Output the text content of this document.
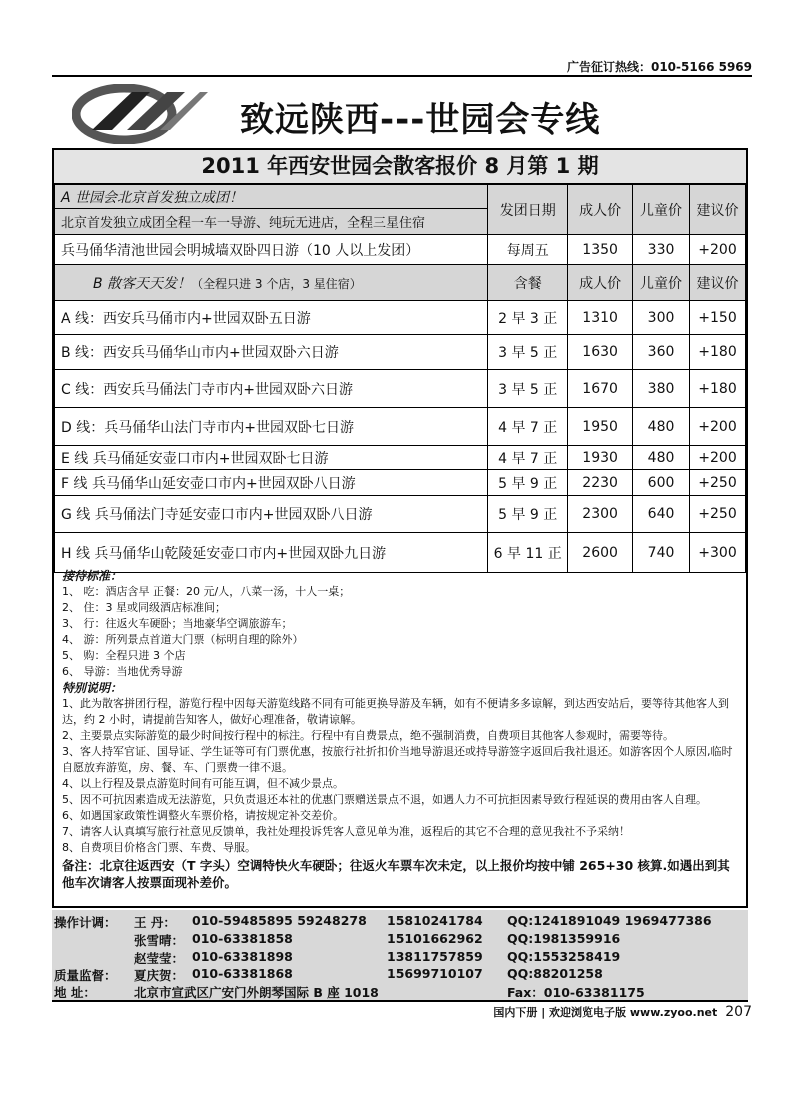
广告征订热线：010-5166 5969
致远陕西---世园会专线
2011 年西安世园会散客报价 8 月第 1 期
A 世园会北京首发独立成团！	发团日期	成人价	儿童价	建议价
北京首发独立成团全程一车一导游、纯玩无进店，全程三星住宿				
兵马俑华清池世园会明城墙双卧四日游（10 人以上发团）	每周五	1350	330	+200
B 散客天天发！（全程只进 3 个店，3 星住宿）	含餐	成人价	儿童价	建议价
A 线：西安兵马俑市内+世园双卧五日游	2 早 3 正	1310	300	+150
B 线：西安兵马俑华山市内+世园双卧六日游	3 早 5 正	1630	360	+180
C 线：西安兵马俑法门寺市内+世园双卧六日游	3 早 5 正	1670	380	+180
D 线：兵马俑华山法门寺市内+世园双卧七日游	4 早 7 正	1950	480	+200
E 线 兵马俑延安壶口市内+世园双卧七日游	4 早 7 正	1930	480	+200
F 线 兵马俑华山延安壶口市内+世园双卧八日游	5 早 9 正	2230	600	+250
G 线 兵马俑法门寺延安壶口市内+世园双卧八日游	5 早 9 正	2300	640	+250
H 线 兵马俑华山乾陵延安壶口市内+世园双卧九日游	6 早 11 正	2600	740	+300
接待标准：
1、 吃：酒店含早 正餐：20 元/人，八菜一汤，十人一桌；
2、 住：3 星或同级酒店标准间；
3、 行：往返火车硬卧；当地豪华空调旅游车；
4、 游：所列景点首道大门票（标明自理的除外）
5、 购：全程只进 3 个店
6、 导游：当地优秀导游
特别说明：
1、此为散客拼团行程，游览行程中因每天游览线路不同有可能更换导游及车辆，如有不便请多多谅解，到达西安站后，要等待其他客人到达，约 2 小时，请提前告知客人，做好心理准备，敬请谅解。
2、主要景点实际游览的最少时间按行程中的标注。行程中有自费景点，绝不强制消费，自费项目其他客人参观时，需要等待。
3、客人持军官证、国导证、学生证等可有门票优惠，按旅行社折扣价当地导游退还或持导游签字返回后我社退还。如游客因个人原因,临时自愿放弃游览，房、餐、车、门票费一律不退。
4、以上行程及景点游览时间有可能互调，但不减少景点。
5、因不可抗因素造成无法游览，只负责退还本社的优惠门票赠送景点不退，如遇人力不可抗拒因素导致行程延误的费用由客人自理。
6、如遇国家政策性调整火车票价格，请按规定补交差价。
7、请客人认真填写旅行社意见反馈单，我社处理投诉凭客人意见单为准，返程后的其它不合理的意见我社不予采纳！
8、自费项目价格含门票、车费、导服。
备注：北京往返西安（T 字头）空调特快火车硬卧；往返火车票车次未定，以上报价均按中铺 265+30 核算.如遇出到其他车次请客人按票面现补差价。
操作计调： 王 丹： 010-59485895 59248278 15810241784 QQ:1241891049 1969477386
张雪晴： 010-63381858	15101662962 QQ:1981359916
赵莹莹： 010-63381898	13811757859 QQ:1553258419
质量监督： 夏庆贺： 010-63381868	15699710107 QQ:88201258
地 址：	北京市宣武区广安门外朗琴国际 B 座 1018	Fax：010-63381175
国内下册 | 欢迎浏览电子版 www.zyoo.net 207
